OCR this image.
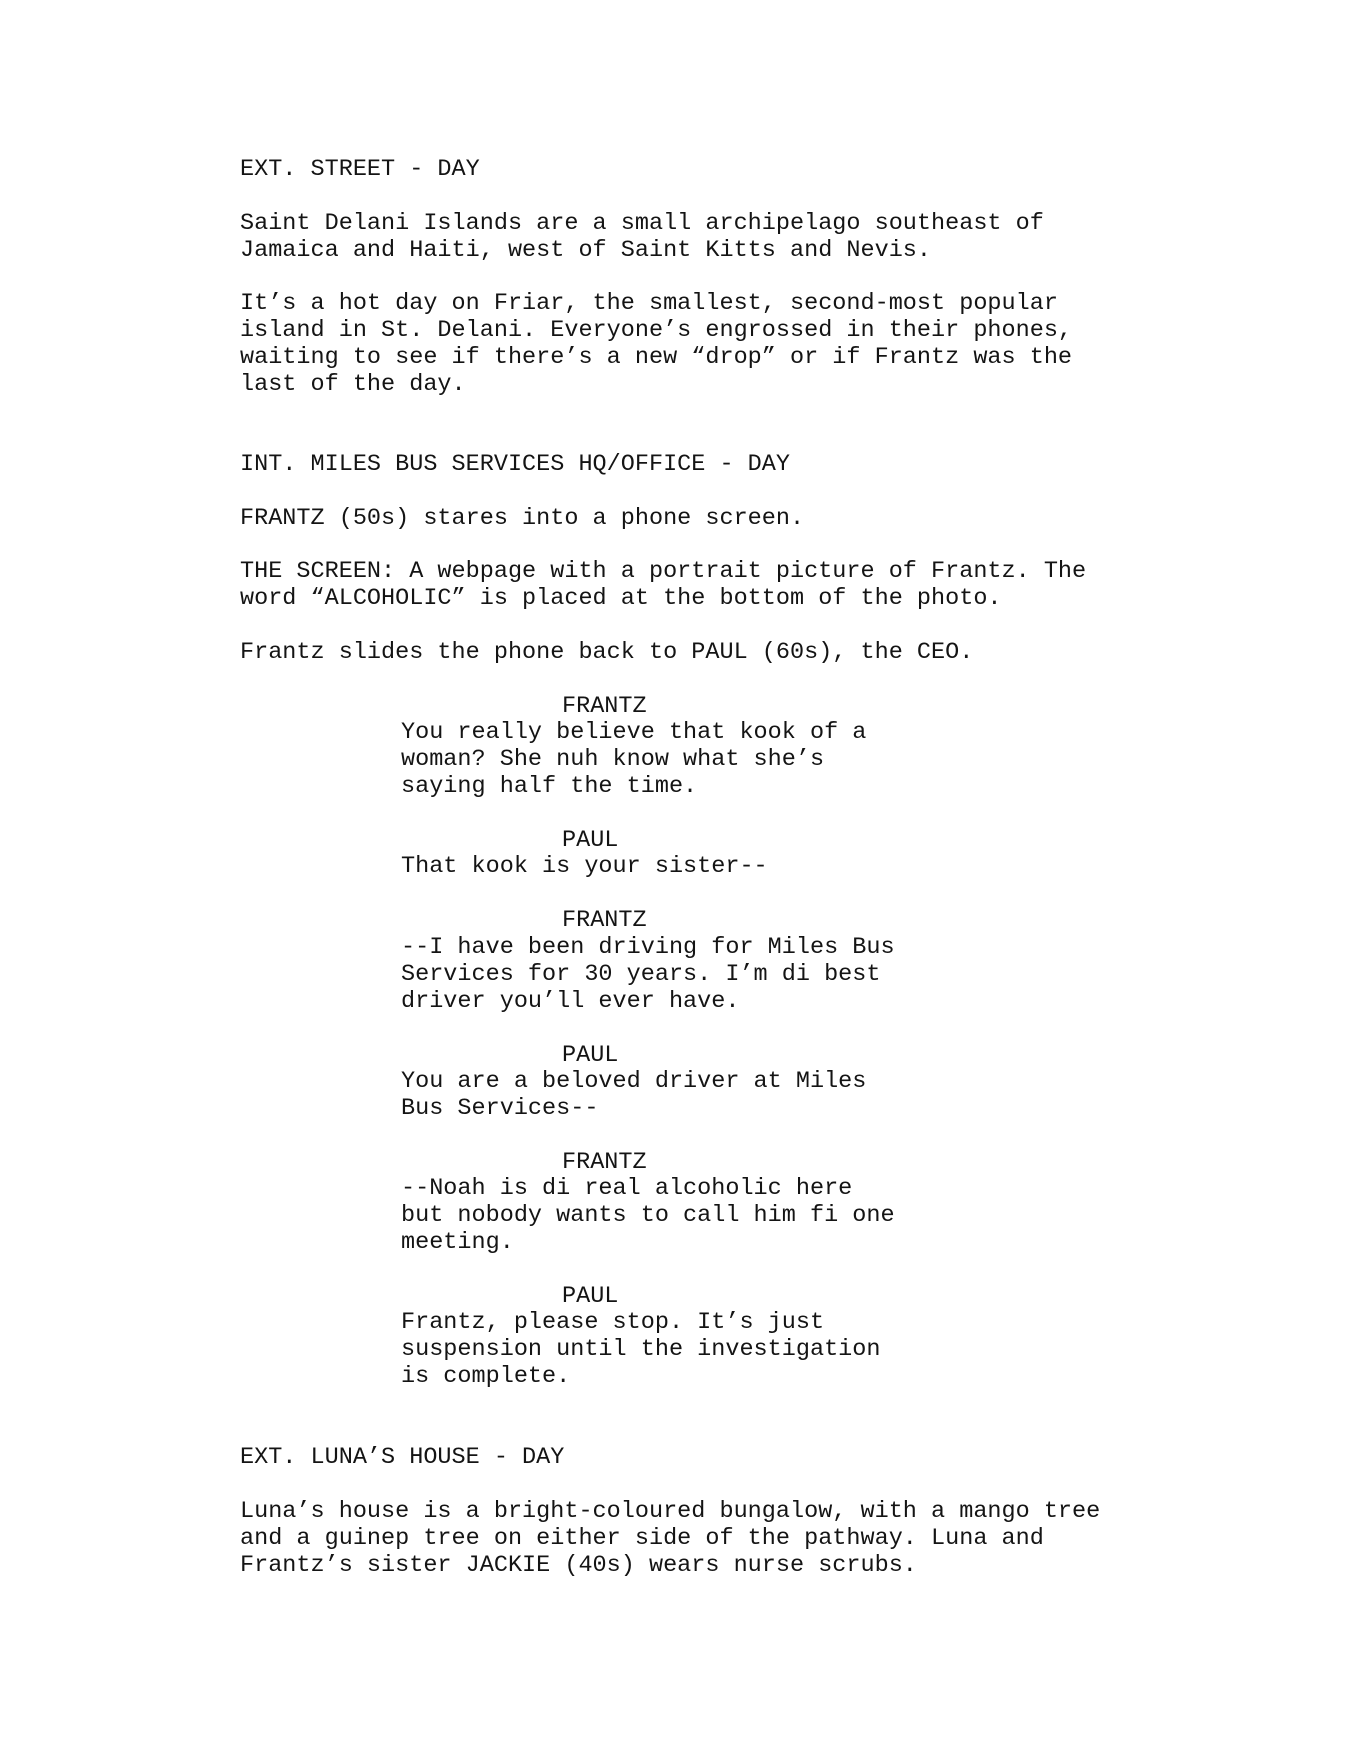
EXT. STREET - DAY
Saint Delani Islands are a small archipelago southeast of
Jamaica and Haiti, west of Saint Kitts and Nevis.
It’s a hot day on Friar, the smallest, second-most popular
island in St. Delani. Everyone’s engrossed in their phones,
waiting to see if there’s a new “drop” or if Frantz was the
last of the day.
INT. MILES BUS SERVICES HQ/OFFICE - DAY
FRANTZ (50s) stares into a phone screen.
THE SCREEN: A webpage with a portrait picture of Frantz. The
word “ALCOHOLIC” is placed at the bottom of the photo.
Frantz slides the phone back to PAUL (60s), the CEO.
FRANTZ
You really believe that kook of a
woman? She nuh know what she’s
saying half the time.
PAUL
That kook is your sister--
FRANTZ
--I have been driving for Miles Bus
Services for 30 years. I’m di best
driver you’ll ever have.
PAUL
You are a beloved driver at Miles
Bus Services--
FRANTZ
--Noah is di real alcoholic here
but nobody wants to call him fi one
meeting.
PAUL
Frantz, please stop. It’s just
suspension until the investigation
is complete.
EXT. LUNA’S HOUSE - DAY
Luna’s house is a bright-coloured bungalow, with a mango tree
and a guinep tree on either side of the pathway. Luna and
Frantz’s sister JACKIE (40s) wears nurse scrubs.
